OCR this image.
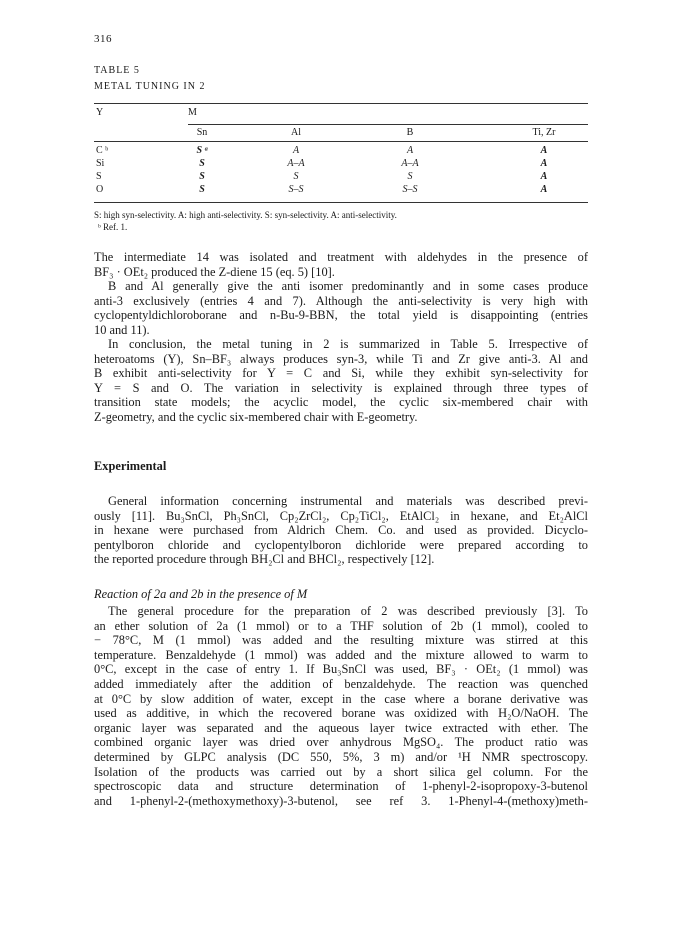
316
TABLE 5
METAL TUNING IN 2
Y	M
Sn	Al	B	Ti, Zr
C ᵇ	S ᵃ	A	A	A
Si	S	A–A	A–A	A
S	S	S	S	A
O	S	S–S	S–S	A
S: high syn-selectivity. A: high anti-selectivity. S: syn-selectivity. A: anti-selectivity.
ᵇ Ref. 1.
The intermediate 14 was isolated and treatment with aldehydes in the presence of
BF₃ · OEt₂ produced the Z-diene 15 (eq. 5) [10].
B and Al generally give the anti isomer predominantly and in some cases produce
anti-3 exclusively (entries 4 and 7). Although the anti-selectivity is very high with
cyclopentyldichloroborane and n-Bu-9-BBN, the total yield is disappointing (entries
10 and 11).
In conclusion, the metal tuning in 2 is summarized in Table 5. Irrespective of
heteroatoms (Y), Sn–BF₃ always produces syn-3, while Ti and Zr give anti-3. Al and
B exhibit anti-selectivity for Y = C and Si, while they exhibit syn-selectivity for
Y = S and O. The variation in selectivity is explained through three types of
transition state models; the acyclic model, the cyclic six-membered chair with
Z-geometry, and the cyclic six-membered chair with E-geometry.
Experimental
General information concerning instrumental and materials was described previ-
ously [11]. Bu₃SnCl, Ph₃SnCl, Cp₂ZrCl₂, Cp₂TiCl₂, EtAlCl₂ in hexane, and Et₂AlCl
in hexane were purchased from Aldrich Chem. Co. and used as provided. Dicyclo-
pentylboron chloride and cyclopentylboron dichloride were prepared according to
the reported procedure through BH₂Cl and BHCl₂, respectively [12].
Reaction of 2a and 2b in the presence of M
The general procedure for the preparation of 2 was described previously [3]. To
an ether solution of 2a (1 mmol) or to a THF solution of 2b (1 mmol), cooled to
− 78°C, M (1 mmol) was added and the resulting mixture was stirred at this
temperature. Benzaldehyde (1 mmol) was added and the mixture allowed to warm to
0°C, except in the case of entry 1. If Bu₃SnCl was used, BF₃ · OEt₂ (1 mmol) was
added immediately after the addition of benzaldehyde. The reaction was quenched
at 0°C by slow addition of water, except in the case where a borane derivative was
used as additive, in which the recovered borane was oxidized with H₂O/NaOH. The
organic layer was separated and the aqueous layer twice extracted with ether. The
combined organic layer was dried over anhydrous MgSO₄. The product ratio was
determined by GLPC analysis (DC 550, 5%, 3 m) and/or ¹H NMR spectroscopy.
Isolation of the products was carried out by a short silica gel column. For the
spectroscopic data and structure determination of 1-phenyl-2-isopropoxy-3-butenol
and 1-phenyl-2-(methoxymethoxy)-3-butenol, see ref 3. 1-Phenyl-4-(methoxy)meth-
